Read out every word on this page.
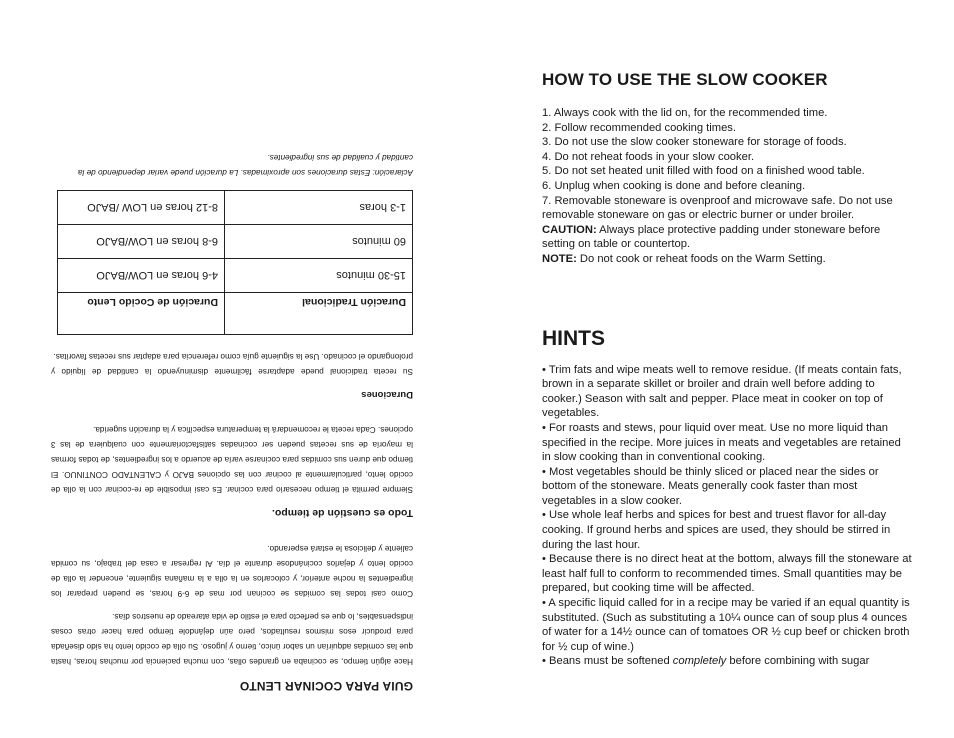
GUIA PARA COCINAR LENTO

Hace algún tiempo, se cocinaba en grandes ollas, con mucha paciencia por muchas horas, hasta que las comidas adquirían un sabor único, tierno y jugoso. Su olla de cocido lento ha sido diseñada para producir esos mismos resultados, pero aún dejándole tiempo para hacer otras cosas indispensables, lo que es perfecto para el estilo de vida atareado de nuestros días.

Como casi todas las comidas se cocinan por mas de 6-9 horas, se pueden preparar los ingredientes la noche anterior, y colocarlos en la olla a la mañana siguiente, encender la olla de cocido lento y dejarlos cocinándose durante el día. Al regresar a casa del trabajo, su comida caliente y deliciosa le estará esperando.

Todo es cuestión de tiempo.

Siempre permita el tiempo necesario para cocinar. Es casi imposible de re-cocinar con la olla de cocido lento, particularmente al cocinar con las opciones BAJO y CALENTADO CONTINUO. El tiempo que duren sus comidas para cocinarse varía de acuerdo a los ingredientes, de todas formas la mayoría de sus recetas pueden ser cocinadas satisfactoriamente con cualquiera de las 3 opciones. Cada receta le recomendará la temperatura específica y la duración sugerida.

Duraciones

Su receta tradicional puede adaptarse fácilmente disminuyendo la cantidad de líquido y prolongando el cocinado. Use la siguiente guía como referencia para adaptar sus recetas favoritas.

Duración Tradicional	Duración de Cocido Lento
15-30 minutos	4-6 horas en LOW/BAJO
60 minutos	6-8 horas en LOW/BAJO
1-3 horas	8-12 horas en LOW /BAJO
Aclaración: Estas duraciones son aproximadas. La duración puede variar dependiendo de la cantidad y cualidad de sus ingredientes.
HOW TO USE THE SLOW COOKER

1. Always cook with the lid on, for the recommended time.

2. Follow recommended cooking times.

3. Do not use the slow cooker stoneware for storage of foods.

4. Do not reheat foods in your slow cooker.

5. Do not set heated unit filled with food on a finished wood table.

6. Unplug when cooking is done and before cleaning.

7. Removable stoneware is ovenproof and microwave safe. Do not use removable stoneware on gas or electric burner or under broiler.

CAUTION: Always place protective padding under stoneware before setting on table or countertop.

NOTE: Do not cook or reheat foods on the Warm Setting.

HINTS

• Trim fats and wipe meats well to remove residue. (If meats contain fats, brown in a separate skillet or broiler and drain well before adding to cooker.) Season with salt and pepper. Place meat in cooker on top of vegetables.

• For roasts and stews, pour liquid over meat. Use no more liquid than specified in the recipe. More juices in meats and vegetables are retained in slow cooking than in conventional cooking.

• Most vegetables should be thinly sliced or placed near the sides or bottom of the stoneware. Meats generally cook faster than most vegetables in a slow cooker.

• Use whole leaf herbs and spices for best and truest flavor for all-day cooking. If ground herbs and spices are used, they should be stirred in during the last hour.

• Because there is no direct heat at the bottom, always fill the stoneware at least half full to conform to recommended times. Small quantities may be prepared, but cooking time will be affected.

• A specific liquid called for in a recipe may be varied if an equal quantity is substituted. (Such as substituting a 10¼ ounce can of soup plus 4 ounces of water for a 14½ ounce can of tomatoes OR ½ cup beef or chicken broth for ½ cup of wine.)

• Beans must be softened completely before combining with sugar
